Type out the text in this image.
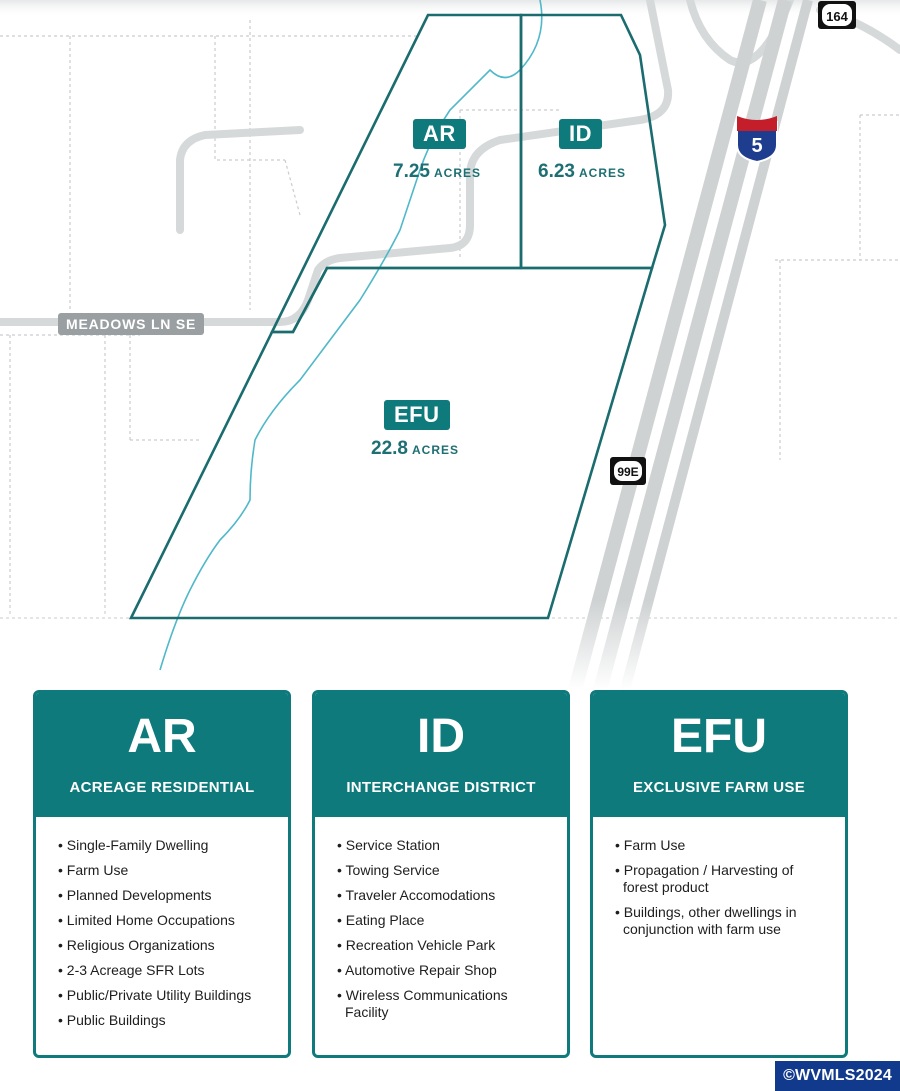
164
5
99E
MEADOWS LN SE
AR
7.25 ACRES
ID
6.23 ACRES
EFU
22.8 ACRES
AR
ACREAGE RESIDENTIAL
• Single-Family Dwelling
• Farm Use
• Planned Developments
• Limited Home Occupations
• Religious Organizations
• 2-3 Acreage SFR Lots
• Public/Private Utility Buildings
• Public Buildings
ID
INTERCHANGE DISTRICT
• Service Station
• Towing Service
• Traveler Accomodations
• Eating Place
• Recreation Vehicle Park
• Automotive Repair Shop
• Wireless Communications Facility
EFU
EXCLUSIVE FARM USE
• Farm Use
• Propagation / Harvesting of forest product
• Buildings, other dwellings in conjunction with farm use
©WVMLS2024
